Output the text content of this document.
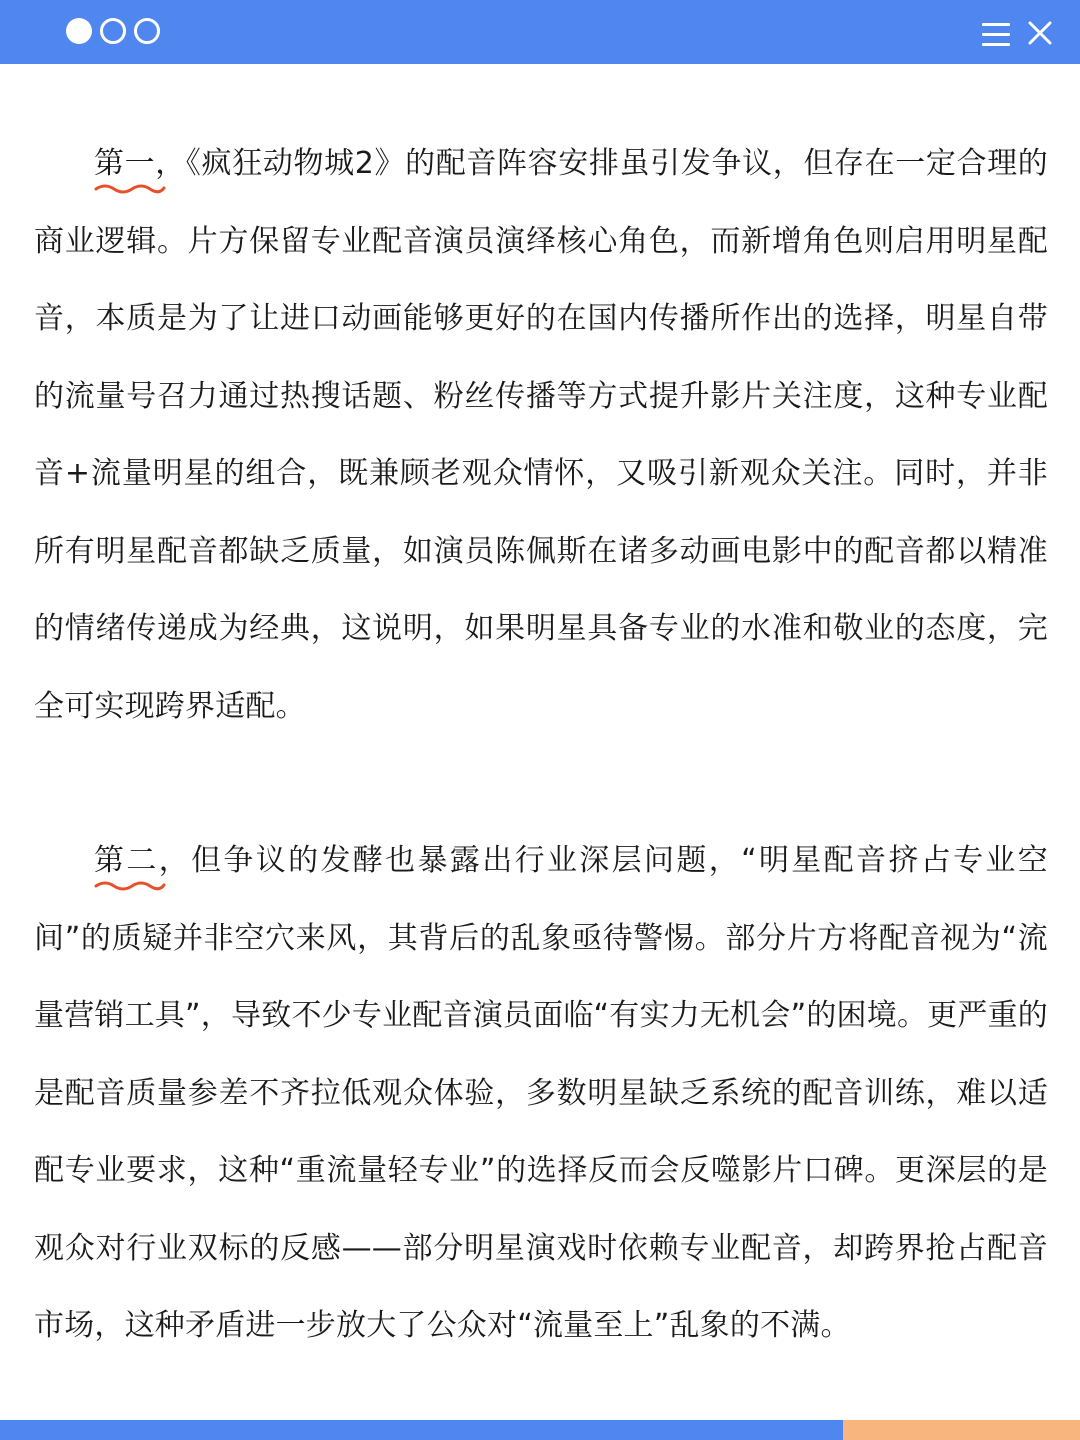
第一，
《疯狂动物城2》的配音阵容安排虽引发争议，但存在一定合理的商业逻辑。片方保留专业配音演员演绎核心角色，而新增角色则启用明星配音，本质是为了让进口动画能够更好的在国内传播所作出的选择，明星自带的流量号召力通过热搜话题、粉丝传播等方式提升影片关注度，这种专业配音+流量明星的组合，既兼顾老观众情怀，又吸引新观众关注。同时，并非所有明星配音都缺乏质量，如演员陈佩斯在诸多动画电影中的配音都以精准的情绪传递成为经典，这说明，如果明星具备专业的水准和敬业的态度，完全可实现跨界适配。

第二，
但争议的发酵也暴露出行业深层问题，“明星配音挤占专业空间”的质疑并非空穴来风，其背后的乱象亟待警惕。部分片方将配音视为“流量营销工具”，导致不少专业配音演员面临“有实力无机会”的困境。更严重的是配音质量参差不齐拉低观众体验，多数明星缺乏系统的配音训练，难以适配专业要求，这种“重流量轻专业”的选择反而会反噬影片口碑。更深层的是观众对行业双标的反感——部分明星演戏时依赖专业配音，却跨界抢占配音市场，这种矛盾进一步放大了公众对“流量至上”乱象的不满。
